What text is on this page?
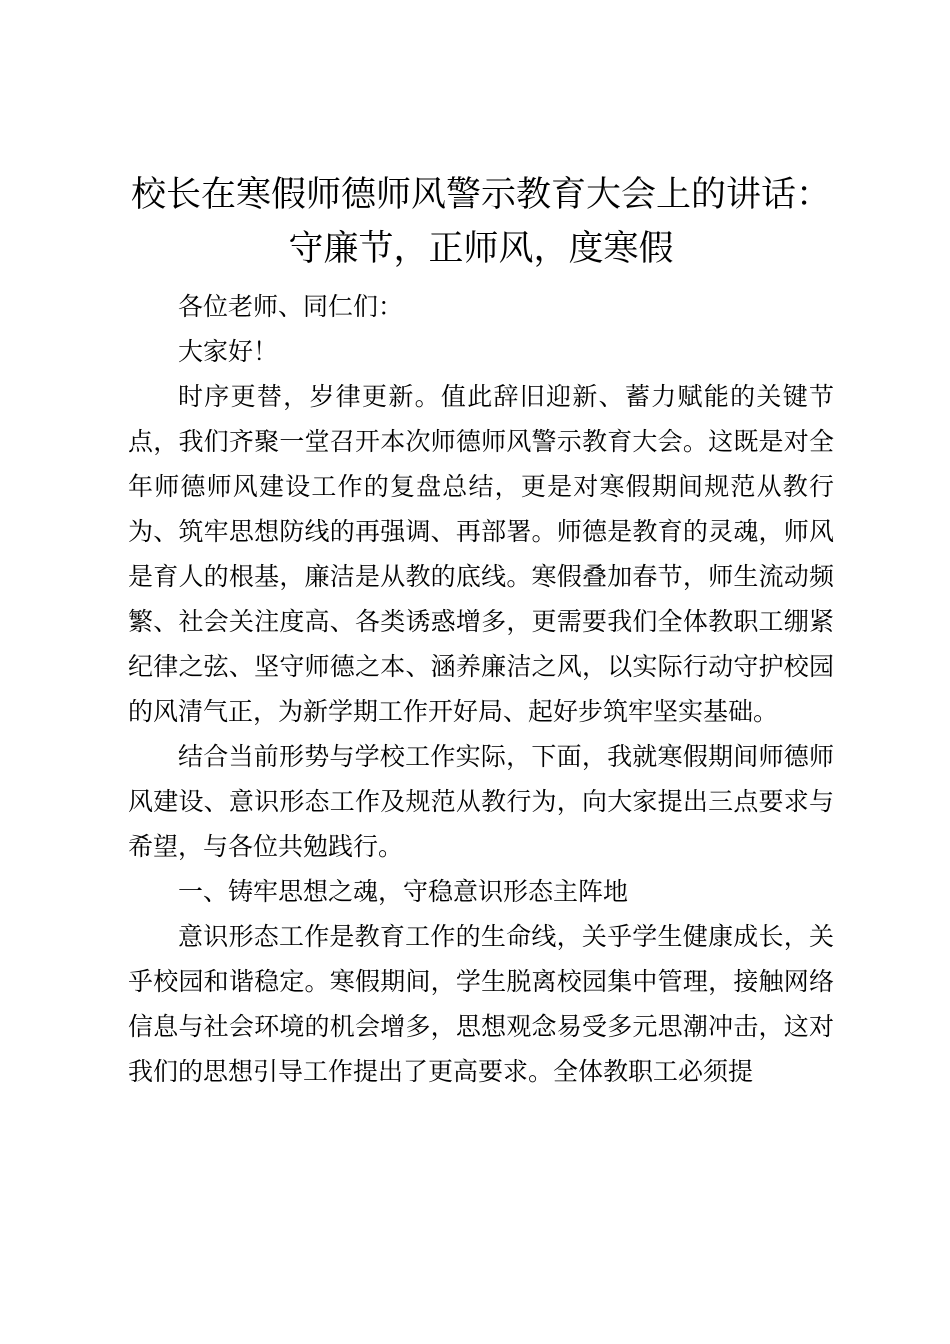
校长在寒假师德师风警示教育大会上的讲话：
守廉节，正师风，度寒假

各位老师、同仁们：

大家好！

时序更替，岁律更新。值此辞旧迎新、蓄力赋能的关键节点，我们齐聚一堂召开本次师德师风警示教育大会。这既是对全年师德师风建设工作的复盘总结，更是对寒假期间规范从教行为、筑牢思想防线的再强调、再部署。师德是教育的灵魂，师风是育人的根基，廉洁是从教的底线。寒假叠加春节，师生流动频繁、社会关注度高、各类诱惑增多，更需要我们全体教职工绷紧纪律之弦、坚守师德之本、涵养廉洁之风，以实际行动守护校园的风清气正，为新学期工作开好局、起好步筑牢坚实基础。

结合当前形势与学校工作实际，下面，我就寒假期间师德师风建设、意识形态工作及规范从教行为，向大家提出三点要求与希望，与各位共勉践行。

一、铸牢思想之魂，守稳意识形态主阵地

意识形态工作是教育工作的生命线，关乎学生健康成长，关乎校园和谐稳定。寒假期间，学生脱离校园集中管理，接触网络信息与社会环境的机会增多，思想观念易受多元思潮冲击，这对我们的思想引导工作提出了更高要求。全体教职工必须提
